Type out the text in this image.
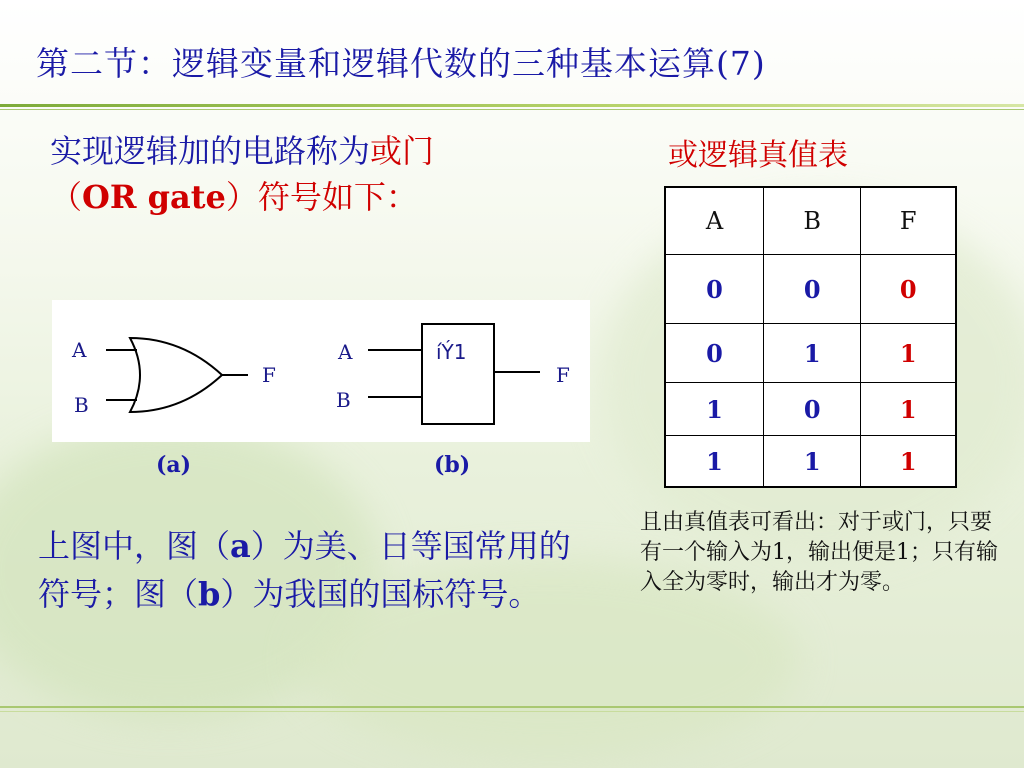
第二节：逻辑变量和逻辑代数的三种基本运算(7)
实现逻辑加的电路称为或门
（OR gate）符号如下：
A
B
F
A
B
íÝ1
F
(a)	(b)
或逻辑真值表
A	B	F
0	0	0
0	1	1
1	0	1
1	1	1
上图中，图（a）为美、日等国常用的符号；图（b）为我国的国标符号。
且由真值表可看出：对于或门，只要有一个输入为1，输出便是1；只有输入全为零时，输出才为零。
